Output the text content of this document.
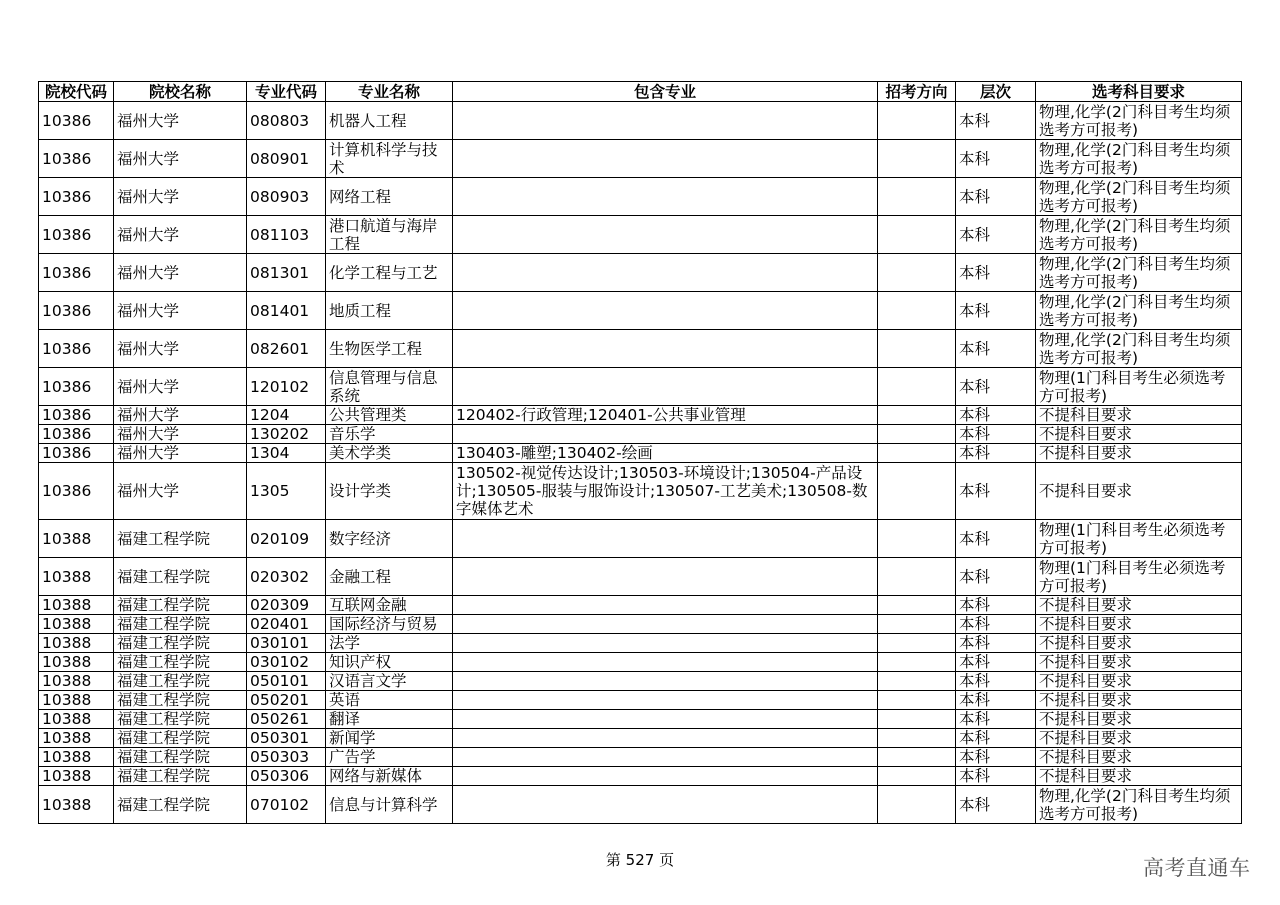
院校代码	院校名称	专业代码	专业名称	包含专业	招考方向	层次	选考科目要求
10386	福州大学	080803	机器人工程			本科	物理,化学(2门科目考生均须选考方可报考)
10386	福州大学	080901	计算机科学与技术			本科	物理,化学(2门科目考生均须选考方可报考)
10386	福州大学	080903	网络工程			本科	物理,化学(2门科目考生均须选考方可报考)
10386	福州大学	081103	港口航道与海岸工程			本科	物理,化学(2门科目考生均须选考方可报考)
10386	福州大学	081301	化学工程与工艺			本科	物理,化学(2门科目考生均须选考方可报考)
10386	福州大学	081401	地质工程			本科	物理,化学(2门科目考生均须选考方可报考)
10386	福州大学	082601	生物医学工程			本科	物理,化学(2门科目考生均须选考方可报考)
10386	福州大学	120102	信息管理与信息系统			本科	物理(1门科目考生必须选考方可报考)
10386	福州大学	1204	公共管理类	120402-行政管理;120401-公共事业管理		本科	不提科目要求
10386	福州大学	130202	音乐学			本科	不提科目要求
10386	福州大学	1304	美术学类	130403-雕塑;130402-绘画		本科	不提科目要求
10386	福州大学	1305	设计学类	130502-视觉传达设计;130503-环境设计;130504-产品设计;130505-服装与服饰设计;130507-工艺美术;130508-数字媒体艺术		本科	不提科目要求
10388	福建工程学院	020109	数字经济			本科	物理(1门科目考生必须选考方可报考)
10388	福建工程学院	020302	金融工程			本科	物理(1门科目考生必须选考方可报考)
10388	福建工程学院	020309	互联网金融			本科	不提科目要求
10388	福建工程学院	020401	国际经济与贸易			本科	不提科目要求
10388	福建工程学院	030101	法学			本科	不提科目要求
10388	福建工程学院	030102	知识产权			本科	不提科目要求
10388	福建工程学院	050101	汉语言文学			本科	不提科目要求
10388	福建工程学院	050201	英语			本科	不提科目要求
10388	福建工程学院	050261	翻译			本科	不提科目要求
10388	福建工程学院	050301	新闻学			本科	不提科目要求
10388	福建工程学院	050303	广告学			本科	不提科目要求
10388	福建工程学院	050306	网络与新媒体			本科	不提科目要求
10388	福建工程学院	070102	信息与计算科学			本科	物理,化学(2门科目考生均须选考方可报考)
第 527 页	高考直通车
